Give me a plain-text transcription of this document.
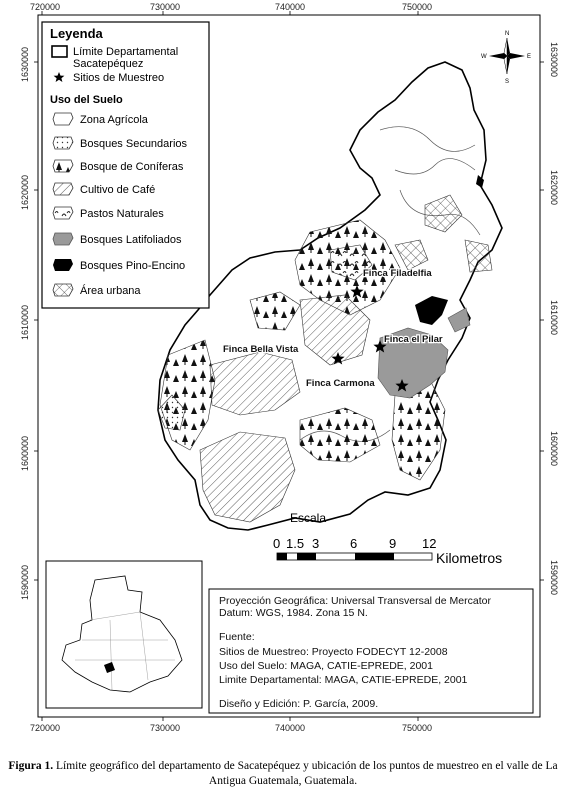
720000	730000	740000	750000
720000	730000	740000	750000
1630000
1620000
1610000
1600000
1590000
1630000
1620000
1610000
1600000
1590000
Finca Filadelfia
Finca el Pilar
Finca Bella Vista
Finca Carmona
N
S
E
W
Leyenda
Límite Departamental
Sacatepéquez
Sitios de Muestreo
Uso del Suelo
Zona Agrícola
Bosques Secundarios
Bosque de Coníferas
Cultivo de Café
Pastos Naturales
Bosques Latifoliados
Bosques Pino-Encino
Área urbana
Escala
0 1.5 3 6 9 12
Kilometros
Proyección Geográfica: Universal Transversal de Mercator
Datum: WGS, 1984. Zona 15 N.
Fuente:
Sitios de Muestreo: Proyecto FODECYT 12-2008
Uso del Suelo: MAGA, CATIE-EPREDE, 2001
Limite Departamental: MAGA, CATIE-EPREDE, 2001
Diseño y Edición: P. García, 2009.
Figura 1. Límite geográfico del departamento de Sacatepéquez y ubicación de los puntos de muestreo en el valle de La Antigua Guatemala, Guatemala.
